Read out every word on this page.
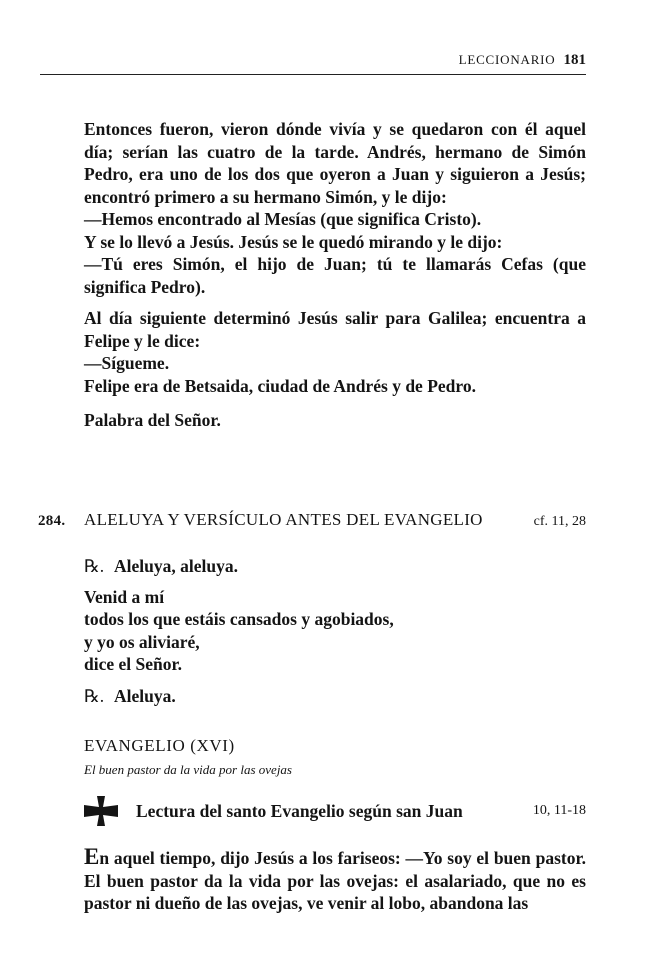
LECCIONARIO 181

Entonces fueron, vieron dónde vivía y se quedaron con él aquel día; serían las cuatro de la tarde. Andrés, hermano de Simón Pedro, era uno de los dos que oyeron a Juan y siguieron a Jesús; encontró primero a su hermano Simón, y le dijo:

—Hemos encontrado al Mesías (que significa Cristo).

Y se lo llevó a Jesús. Jesús se le quedó mirando y le dijo:

—Tú eres Simón, el hijo de Juan; tú te llamarás Cefas (que significa Pedro).

Al día siguiente determinó Jesús salir para Galilea; encuentra a Felipe y le dice:

—Sígueme.

Felipe era de Betsaida, ciudad de Andrés y de Pedro.

Palabra del Señor.

284.	ALELUYA Y VERSÍCULO ANTES DEL EVANGELIO	cf. 11, 28

℞. Aleluya, aleluya.

Venid a mí

todos los que estáis cansados y agobiados,

y yo os aliviaré,

dice el Señor.

℞. Aleluya.

EVANGELIO (XVI)
El buen pastor da la vida por las ovejas
Lectura del santo Evangelio según san Juan	10, 11-18

En aquel tiempo, dijo Jesús a los fariseos: —Yo soy el buen pastor. El buen pastor da la vida por las ovejas: el asalariado, que no es pastor ni dueño de las ovejas, ve venir al lobo, abandona las
